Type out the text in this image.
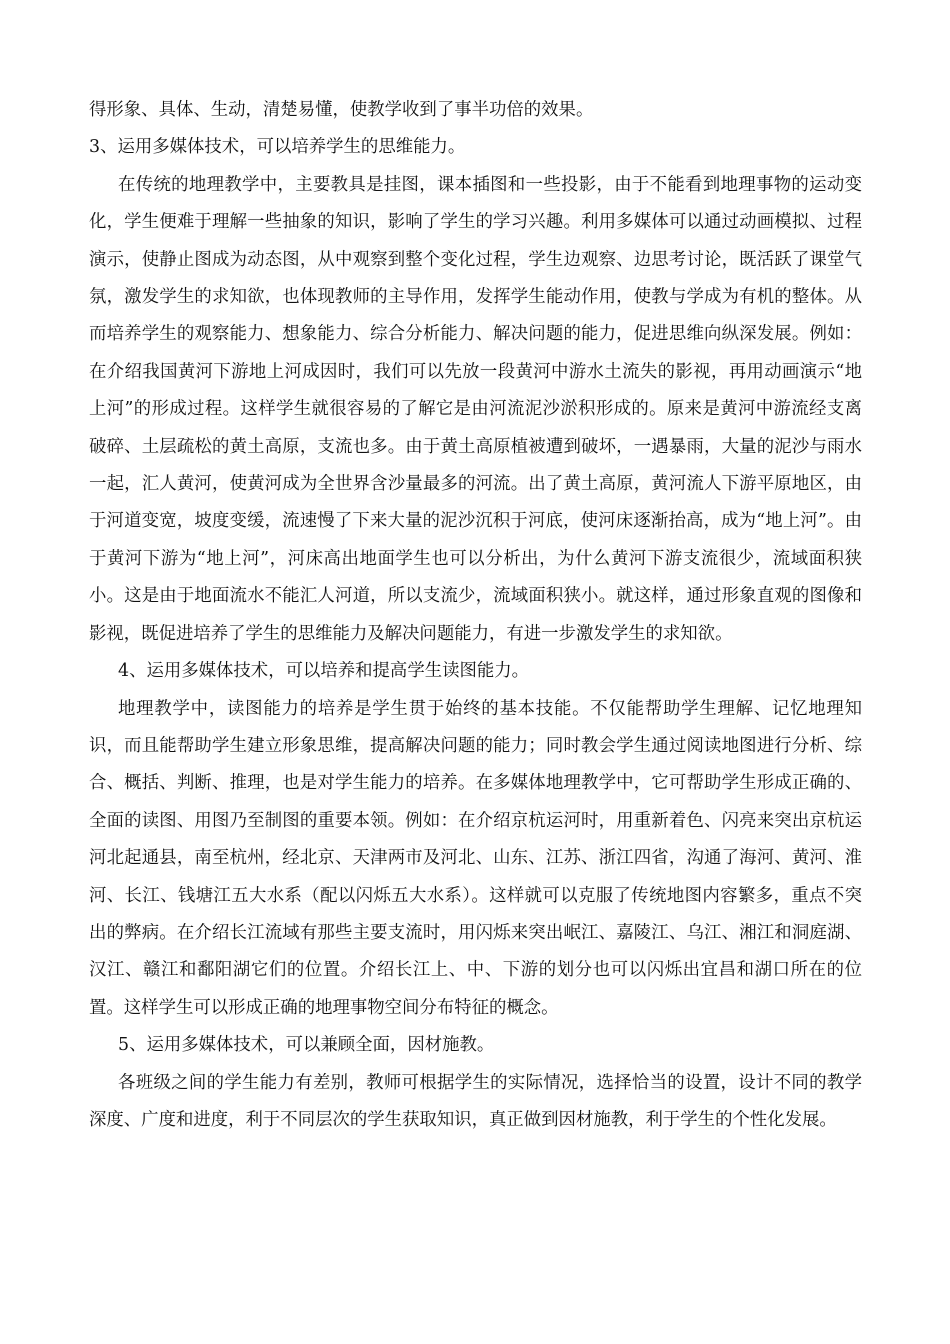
得形象、具体、生动，清楚易懂，使教学收到了事半功倍的效果。

3、运用多媒体技术，可以培养学生的思维能力。

在传统的地理教学中，主要教具是挂图，课本插图和一些投影，由于不能看到地理事物的运动变化，学生便难于理解一些抽象的知识，影响了学生的学习兴趣。利用多媒体可以通过动画模拟、过程演示，使静止图成为动态图，从中观察到整个变化过程，学生边观察、边思考讨论，既活跃了课堂气氛，激发学生的求知欲，也体现教师的主导作用，发挥学生能动作用，使教与学成为有机的整体。从而培养学生的观察能力、想象能力、综合分析能力、解决问题的能力，促进思维向纵深发展。例如：在介绍我国黄河下游地上河成因时，我们可以先放一段黄河中游水土流失的影视，再用动画演示“地上河”的形成过程。这样学生就很容易的了解它是由河流泥沙淤积形成的。原来是黄河中游流经支离破碎、土层疏松的黄土高原，支流也多。由于黄土高原植被遭到破坏，一遇暴雨，大量的泥沙与雨水一起，汇人黄河，使黄河成为全世界含沙量最多的河流。出了黄土高原，黄河流人下游平原地区，由于河道变宽，坡度变缓，流速慢了下来大量的泥沙沉积于河底，使河床逐渐抬高，成为“地上河”。由于黄河下游为“地上河”，河床高出地面学生也可以分析出，为什么黄河下游支流很少，流域面积狭小。这是由于地面流水不能汇人河道，所以支流少，流域面积狭小。就这样，通过形象直观的图像和影视，既促进培养了学生的思维能力及解决问题能力，有进一步激发学生的求知欲。

4、运用多媒体技术，可以培养和提高学生读图能力。

地理教学中，读图能力的培养是学生贯于始终的基本技能。不仅能帮助学生理解、记忆地理知识，而且能帮助学生建立形象思维，提高解决问题的能力；同时教会学生通过阅读地图进行分析、综合、概括、判断、推理，也是对学生能力的培养。在多媒体地理教学中，它可帮助学生形成正确的、全面的读图、用图乃至制图的重要本领。例如：在介绍京杭运河时，用重新着色、闪亮来突出京杭运河北起通县，南至杭州，经北京、天津两市及河北、山东、江苏、浙江四省，沟通了海河、黄河、淮河、长江、钱塘江五大水系（配以闪烁五大水系）。这样就可以克服了传统地图内容繁多，重点不突出的弊病。在介绍长江流域有那些主要支流时，用闪烁来突出岷江、嘉陵江、乌江、湘江和洞庭湖、汉江、赣江和鄱阳湖它们的位置。介绍长江上、中、下游的划分也可以闪烁出宜昌和湖口所在的位置。这样学生可以形成正确的地理事物空间分布特征的概念。

5、运用多媒体技术，可以兼顾全面，因材施教。

各班级之间的学生能力有差别，教师可根据学生的实际情况，选择恰当的设置，设计不同的教学深度、广度和进度，利于不同层次的学生获取知识，真正做到因材施教，利于学生的个性化发展。
